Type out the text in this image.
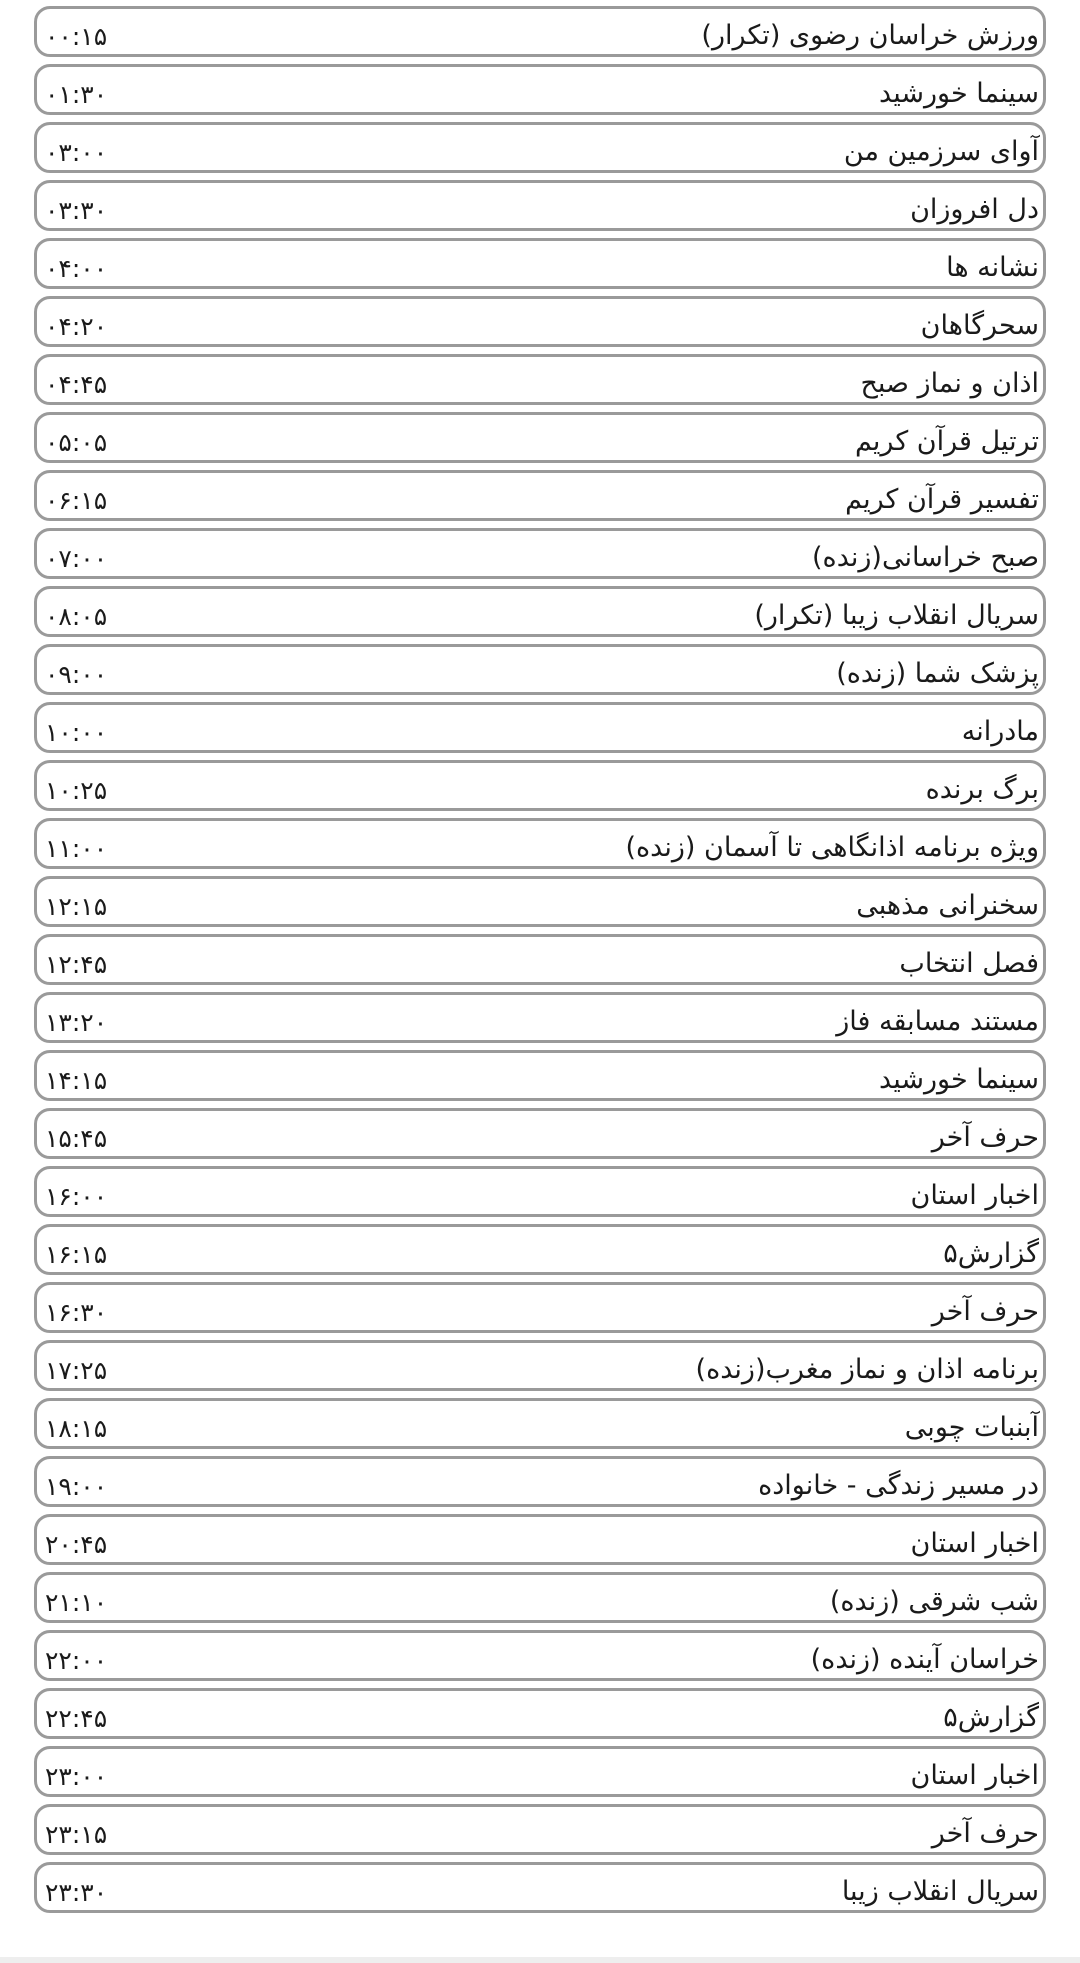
۰۰:۱۵	ورزش خراسان رضوی (تکرار)
۰۱:۳۰	سینما خورشید
۰۳:۰۰	آوای سرزمین من
۰۳:۳۰	دل افروزان
۰۴:۰۰	نشانه ها
۰۴:۲۰	سحرگاهان
۰۴:۴۵	اذان و نماز صبح
۰۵:۰۵	ترتیل قرآن کریم
۰۶:۱۵	تفسیر قرآن کریم
۰۷:۰۰	صبح خراسانی(زنده)
۰۸:۰۵	سریال انقلاب زیبا (تکرار)
۰۹:۰۰	پزشک شما (زنده)
۱۰:۰۰	مادرانه
۱۰:۲۵	برگ برنده
۱۱:۰۰	ویژه برنامه اذانگاهی تا آسمان (زنده)
۱۲:۱۵	سخنرانی مذهبی
۱۲:۴۵	فصل انتخاب
۱۳:۲۰	مستند مسابقه فاز
۱۴:۱۵	سینما خورشید
۱۵:۴۵	حرف آخر
۱۶:۰۰	اخبار استان
۱۶:۱۵	گزارش۵
۱۶:۳۰	حرف آخر
۱۷:۲۵	برنامه اذان و نماز مغرب(زنده)
۱۸:۱۵	آبنبات چوبی
۱۹:۰۰	در مسیر زندگی - خانواده
۲۰:۴۵	اخبار استان
۲۱:۱۰	شب شرقی (زنده)
۲۲:۰۰	خراسان آینده (زنده)
۲۲:۴۵	گزارش۵
۲۳:۰۰	اخبار استان
۲۳:۱۵	حرف آخر
۲۳:۳۰	سریال انقلاب زیبا
